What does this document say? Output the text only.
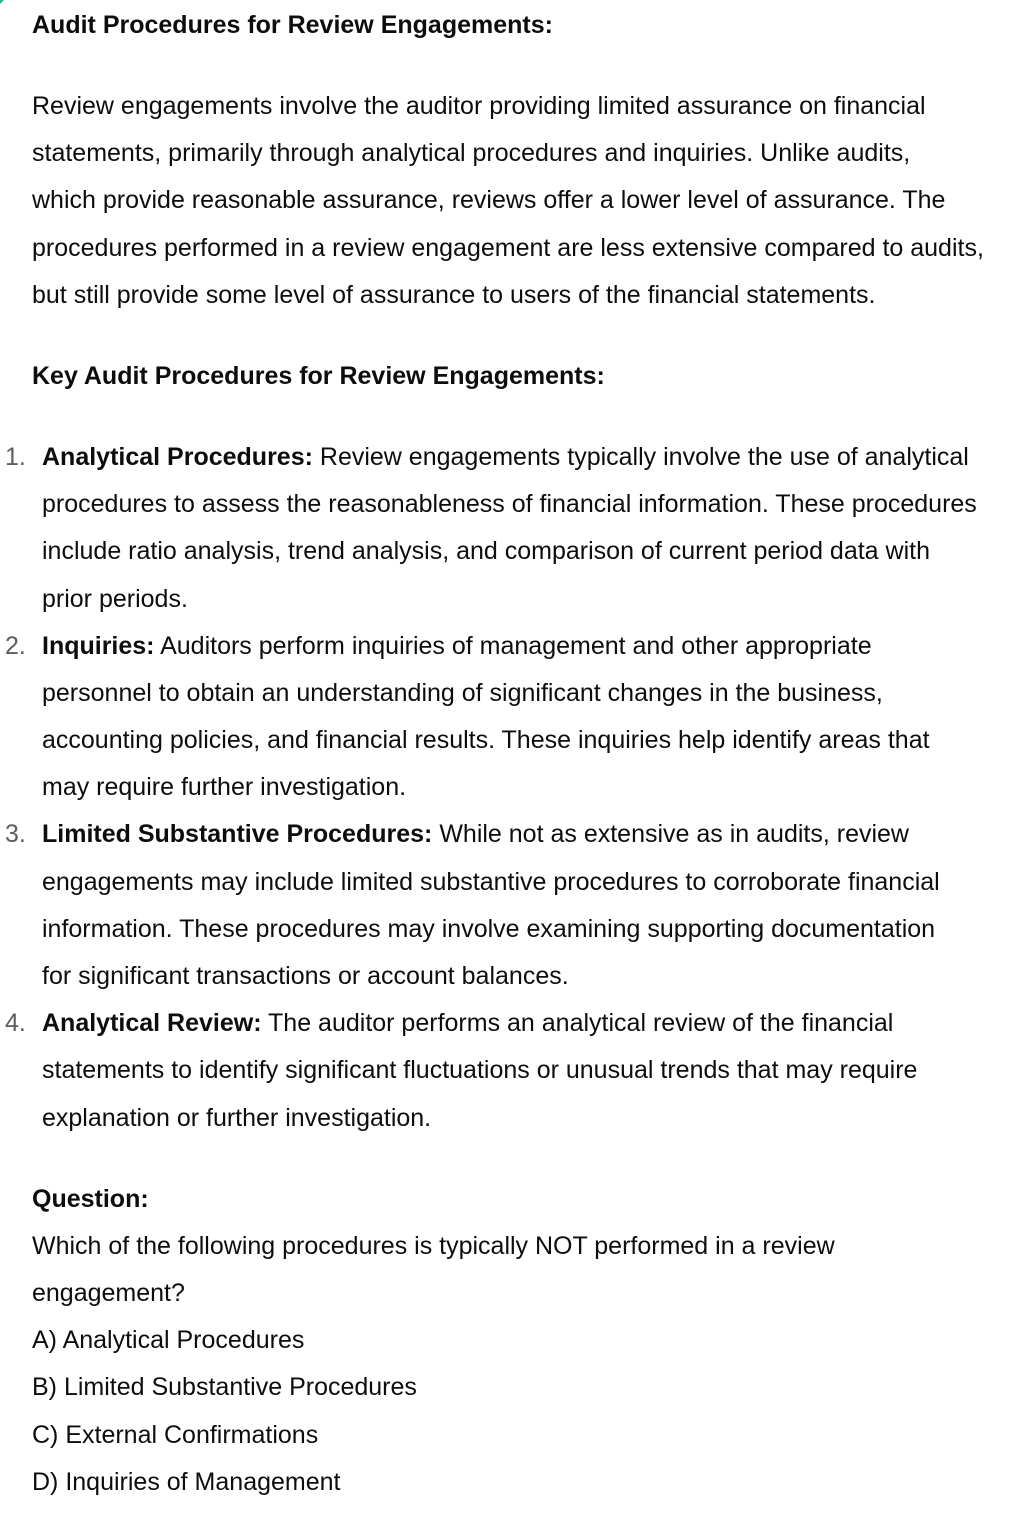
Audit Procedures for Review Engagements:
Review engagements involve the auditor providing limited assurance on financial
statements, primarily through analytical procedures and inquiries. Unlike audits,
which provide reasonable assurance, reviews offer a lower level of assurance. The
procedures performed in a review engagement are less extensive compared to audits,
but still provide some level of assurance to users of the financial statements.
Key Audit Procedures for Review Engagements:
1. Analytical Procedures: Review engagements typically involve the use of analytical
procedures to assess the reasonableness of financial information. These procedures
include ratio analysis, trend analysis, and comparison of current period data with
prior periods.
2. Inquiries: Auditors perform inquiries of management and other appropriate
personnel to obtain an understanding of significant changes in the business,
accounting policies, and financial results. These inquiries help identify areas that
may require further investigation.
3. Limited Substantive Procedures: While not as extensive as in audits, review
engagements may include limited substantive procedures to corroborate financial
information. These procedures may involve examining supporting documentation
for significant transactions or account balances.
4. Analytical Review: The auditor performs an analytical review of the financial
statements to identify significant fluctuations or unusual trends that may require
explanation or further investigation.
Question:
Which of the following procedures is typically NOT performed in a review
engagement?
A) Analytical Procedures
B) Limited Substantive Procedures
C) External Confirmations
D) Inquiries of Management
